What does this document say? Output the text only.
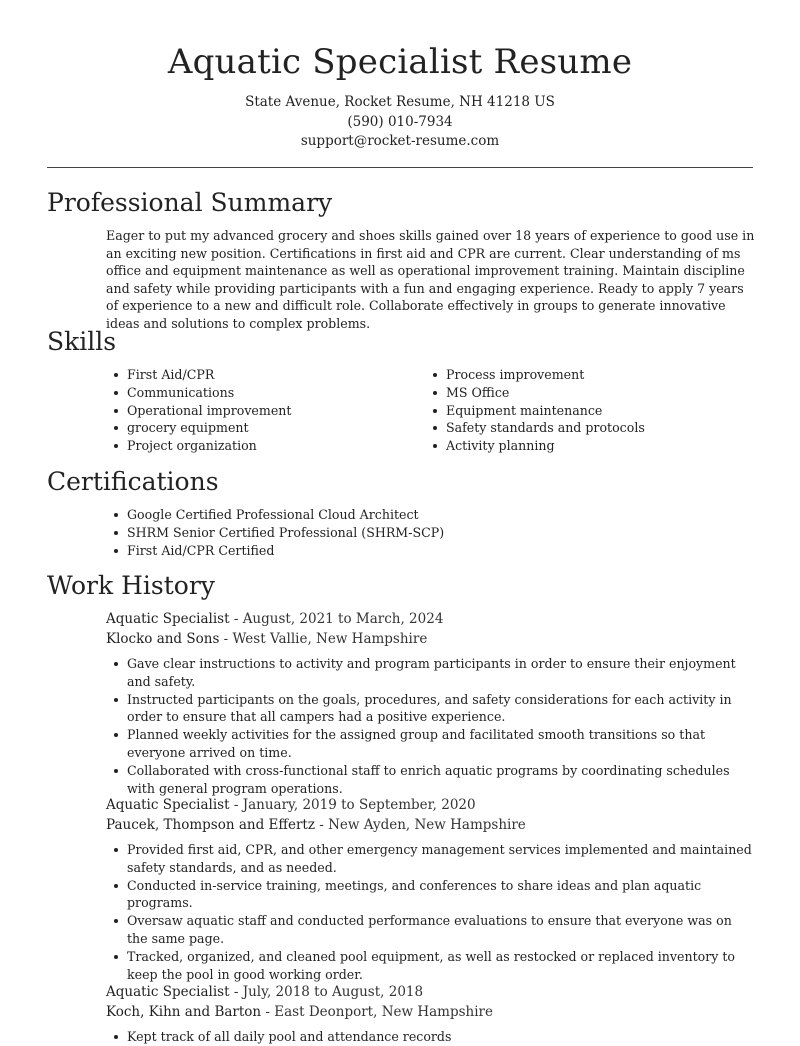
Aquatic Specialist Resume
State Avenue, Rocket Resume, NH 41218 US
(590) 010-7934
support@rocket-resume.com
Professional Summary

Eager to put my advanced grocery and shoes skills gained over 18 years of experience to good use in an exciting new position. Certifications in first aid and CPR are current. Clear understanding of ms office and equipment maintenance as well as operational improvement training. Maintain discipline and safety while providing participants with a fun and engaging experience. Ready to apply 7 years of experience to a new and difficult role. Collaborate effectively in groups to generate innovative ideas and solutions to complex problems.

Skills
First Aid/CPR
Communications
Operational improvement
grocery equipment
Project organization
Process improvement
MS Office
Equipment maintenance
Safety standards and protocols
Activity planning
Certifications
Google Certified Professional Cloud Architect
SHRM Senior Certified Professional (SHRM-SCP)
First Aid/CPR Certified
Work History
Aquatic Specialist - August, 2021 to March, 2024
Klocko and Sons - West Vallie, New Hampshire
Gave clear instructions to activity and program participants in order to ensure their enjoyment and safety.
Instructed participants on the goals, procedures, and safety considerations for each activity in order to ensure that all campers had a positive experience.
Planned weekly activities for the assigned group and facilitated smooth transitions so that everyone arrived on time.
Collaborated with cross-functional staff to enrich aquatic programs by coordinating schedules with general program operations.
Aquatic Specialist - January, 2019 to September, 2020
Paucek, Thompson and Effertz - New Ayden, New Hampshire
Provided first aid, CPR, and other emergency management services implemented and maintained safety standards, and as needed.
Conducted in-service training, meetings, and conferences to share ideas and plan aquatic programs.
Oversaw aquatic staff and conducted performance evaluations to ensure that everyone was on the same page.
Tracked, organized, and cleaned pool equipment, as well as restocked or replaced inventory to keep the pool in good working order.
Aquatic Specialist - July, 2018 to August, 2018
Koch, Kihn and Barton - East Deonport, New Hampshire
Kept track of all daily pool and attendance records
